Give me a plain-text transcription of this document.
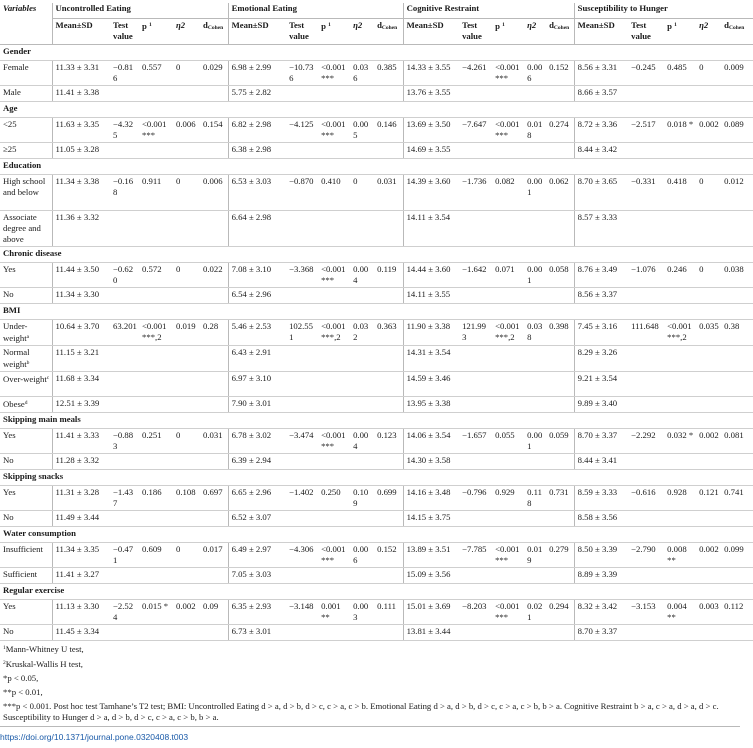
Variables	Uncontrolled Eating					Emotional Eating					Cognitive Restraint					Susceptibility to Hunger				
	Mean±SD	Test value	p $^1$	η2	dCohen	Mean±SD	Test value	p $^1$	η2	dCohen	Mean±SD	Test value	p $^1$	η2	dCohen	Mean±SD	Test value	p $^1$	η2	dCohen
Gender																				
Female	11.33 ± 3.31	−0.816	0.557	0	0.029	6.98 ± 2.99	−10.736	<0.001 ***	0.036	0.385	14.33 ± 3.55	−4.261	<0.001 ***	0.006	0.152	8.56 ± 3.31	−0.245	0.485	0	0.009
Male	11.41 ± 3.38					5.75 ± 2.82					13.76 ± 3.55					8.66 ± 3.57				
Age																				
<25	11.63 ± 3.35	−4.325	<0.001 ***	0.006	0.154	6.82 ± 2.98	−4.125	<0.001 ***	0.005	0.146	13.69 ± 3.50	−7.647	<0.001 ***	0.018	0.274	8.72 ± 3.36	−2.517	0.018 *	0.002	0.089
≥25	11.05 ± 3.28					6.38 ± 2.98					14.69 ± 3.55					8.44 ± 3.42				
Education																				
High school and below	11.34 ± 3.38	−0.168	0.911	0	0.006	6.53 ± 3.03	−0.870	0.410	0	0.031	14.39 ± 3.60	−1.736	0.082	0.001	0.062	8.70 ± 3.65	−0.331	0.418	0	0.012
Associate degree and above	11.36 ± 3.32					6.64 ± 2.98					14.11 ± 3.54					8.57 ± 3.33				
Chronic disease																				
Yes	11.44 ± 3.50	−0.620	0.572	0	0.022	7.08 ± 3.10	−3.368	<0.001 ***	0.004	0.119	14.44 ± 3.60	−1.642	0.071	0.001	0.058	8.76 ± 3.49	−1.076	0.246	0	0.038
No	11.34 ± 3.30					6.54 ± 2.96					14.11 ± 3.55					8.56 ± 3.37				
BMI																				
Under-weight$^a$	10.64 ± 3.70	63.201	<0.001 ***,2	0.019	0.28	5.46 ± 2.53	102.551	<0.001 ***,2	0.032	0.363	11.90 ± 3.38	121.993	<0.001 ***,2	0.038	0.398	7.45 ± 3.16	111.648	<0.001 ***,2	0.035	0.38
Normal weight$^b$	11.15 ± 3.21					6.43 ± 2.91					14.31 ± 3.54					8.29 ± 3.26				
Over-weight$^c$	11.68 ± 3.34					6.97 ± 3.10					14.59 ± 3.46					9.21 ± 3.54				
Obese$^d$	12.51 ± 3.39					7.90 ± 3.01					13.95 ± 3.38					9.89 ± 3.40				
Skipping main meals																				
Yes	11.41 ± 3.33	−0.883	0.251	0	0.031	6.78 ± 3.02	−3.474	<0.001 ***	0.004	0.123	14.06 ± 3.54	−1.657	0.055	0.001	0.059	8.70 ± 3.37	−2.292	0.032 *	0.002	0.081
No	11.28 ± 3.32					6.39 ± 2.94					14.30 ± 3.58					8.44 ± 3.41				
Skipping snacks																				
Yes	11.31 ± 3.28	−1.437	0.186	0.108	0.697	6.65 ± 2.96	−1.402	0.250	0.109	0.699	14.16 ± 3.48	−0.796	0.929	0.118	0.731	8.59 ± 3.33	−0.616	0.928	0.121	0.741
No	11.49 ± 3.44					6.52 ± 3.07					14.15 ± 3.75					8.58 ± 3.56				
Water consumption																				
Insufficient	11.34 ± 3.35	−0.471	0.609	0	0.017	6.49 ± 2.97	−4.306	<0.001 ***	0.006	0.152	13.89 ± 3.51	−7.785	<0.001 ***	0.019	0.279	8.50 ± 3.39	−2.790	0.008 **	0.002	0.099
Sufficient	11.41 ± 3.27					7.05 ± 3.03					15.09 ± 3.56					8.89 ± 3.39				
Regular exercise																				
Yes	11.13 ± 3.30	−2.524	0.015 *	0.002	0.09	6.35 ± 2.93	−3.148	0.001 **	0.003	0.111	15.01 ± 3.69	−8.203	<0.001 ***	0.021	0.294	8.32 ± 3.42	−3.153	0.004 **	0.003	0.112
No	11.45 ± 3.34					6.73 ± 3.01					13.81 ± 3.44					8.70 ± 3.37				
$^1$Mann-Whitney U test,
$^2$Kruskal-Wallis H test,
*p < 0.05,
**p < 0.01,
***p < 0.001. Post hoc test Tamhane’s T2 test; BMI: Uncontrolled Eating d > a, d > b, d > c, c > a, c > b. Emotional Eating d > a, d > b, d > c, c > a, c > b, b > a. Cognitive Restraint b > a, c > a, d > a, d > c. Susceptibility to Hunger d > a, d > b, d > c, c > a, c > b, b > a.
https://doi.org/10.1371/journal.pone.0320408.t003
